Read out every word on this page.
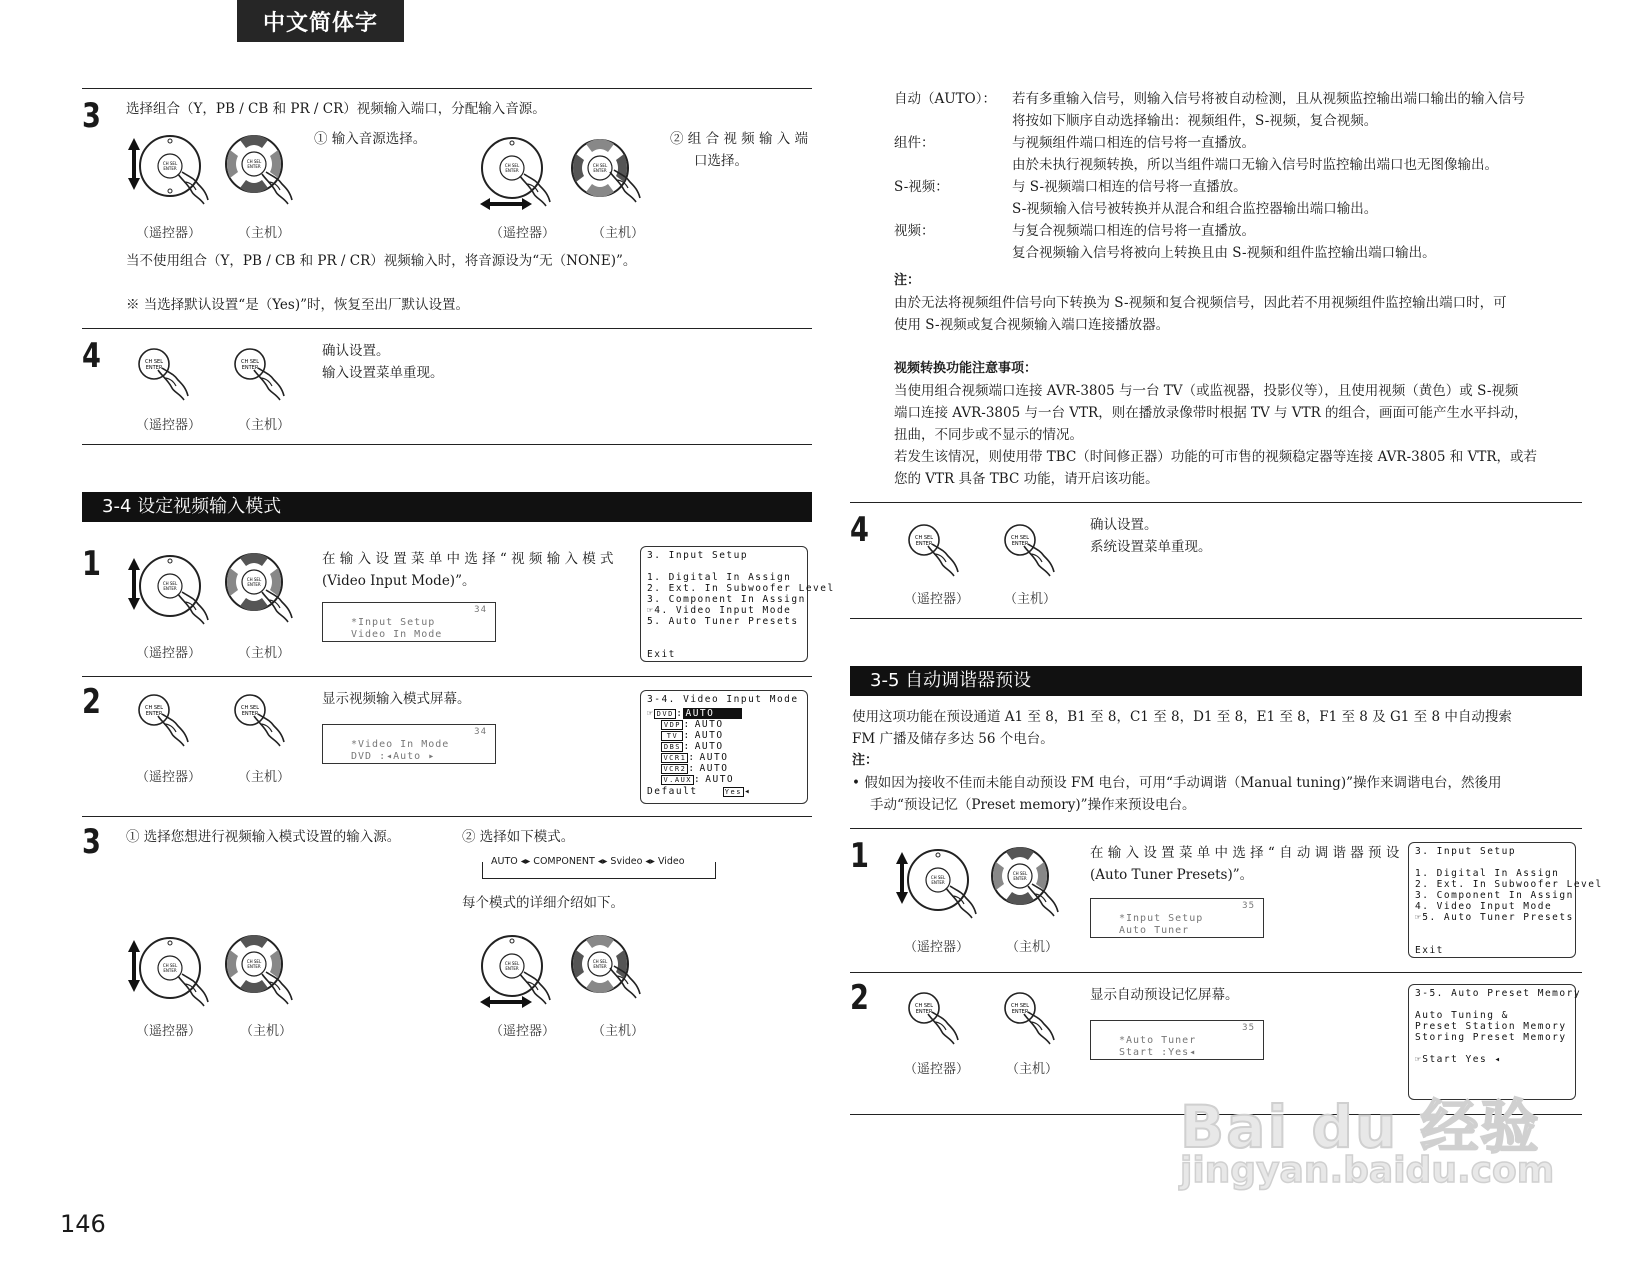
中文简体字
3 选择组合（Y，PB / CB 和 PR / CR）视频输入端口，分配输入音源。
CH SEL
ENTER
CH SEL
ENTER
（遥控器）	（主机）
① 输入音源选择。
CH SEL
ENTER
CH SEL
ENTER
（遥控器）	（主机）
② 组 合 视 频 输 入 端
口选择。
当不使用组合（Y，PB / CB 和 PR / CR）视频输入时，将音源设为“无（NONE)”。
※ 当选择默认设置“是（Yes)”时，恢复至出厂默认设置。
4	CH SEL
ENTER
CH SEL
ENTER
（遥控器）	（主机）
确认设置。
输入设置菜单重现。
3-4 设定视频输入模式
1	CH SEL
ENTER
CH SEL
ENTER
（遥控器）	（主机）
在 输 入 设 置 菜 单 中 选 择 “ 视 频 输 入 模 式
(Video Input Mode)”。
34
*Input Setup
Video In Mode
3. Input Setup

1. Digital In Assign
2. Ext. In Subwoofer Level
3. Component In Assign
☞4. Video Input Mode
5. Auto Tuner Presets

Exit
2	CH SEL
ENTER
CH SEL
ENTER
（遥控器）	（主机）
显示视频输入模式屏幕。
34
*Video In Mode
DVD :◂Auto ▸
3-4. Video Input Mode
☞ DVD : AUTO
VDP : AUTO
TV : AUTO
DBS : AUTO
VCR1 : AUTO
VCR2 : AUTO
V.AUX : AUTO
Default	Yes ◂
3 ① 选择您想进行视频输入模式设置的输入源。	② 选择如下模式。
AUTO ◂▸ COMPONENT ◂▸ Svideo ◂▸ Video
每个模式的详细介绍如下。
CH SEL
ENTER
CH SEL
ENTER
（遥控器）	（主机）
CH SEL
ENTER
CH SEL
ENTER
（遥控器）	（主机）
146
自动（AUTO）： 若有多重输入信号，则输入信号将被自动检测，且从视频监控输出端口输出的输入信号
将按如下顺序自动选择输出：视频组件，S-视频，复合视频。
组件：	与视频组件端口相连的信号将一直播放。
由於未执行视频转换，所以当组件端口无输入信号时监控输出端口也无图像输出。
S-视频：	与 S-视频端口相连的信号将一直播放。
S-视频输入信号被转换并从混合和组合监控器输出端口输出。
视频：	与复合视频端口相连的信号将一直播放。
复合视频输入信号将被向上转换且由 S-视频和组件监控输出端口输出。
注：
由於无法将视频组件信号向下转换为 S-视频和复合视频信号，因此若不用视频组件监控输出端口时，可
使用 S-视频或复合视频输入端口连接播放器。
视频转换功能注意事项：
当使用组合视频端口连接 AVR-3805 与一台 TV（或监视器，投影仪等），且使用视频（黄色）或 S-视频
端口连接 AVR-3805 与一台 VTR，则在播放录像带时根据 TV 与 VTR 的组合，画面可能产生水平抖动，
扭曲，不同步或不显示的情况。
若发生该情况，则使用带 TBC（时间修正器）功能的可市售的视频稳定器等连接 AVR-3805 和 VTR，或若
您的 VTR 具备 TBC 功能，请开启该功能。
4	CH SEL
ENTER
CH SEL
ENTER
（遥控器）	（主机）
确认设置。
系统设置菜单重现。
3-5 自动调谐器预设
使用这项功能在预设通道 A1 至 8，B1 至 8，C1 至 8，D1 至 8，E1 至 8，F1 至 8 及 G1 至 8 中自动搜索
FM 广播及储存多达 56 个电台。
注：
• 假如因为接收不佳而未能自动预设 FM 电台，可用“手动调谐（Manual tuning)”操作来调谐电台，然後用
手动“预设记忆（Preset memory)”操作来预设电台。
1
CH SEL
ENTER
CH SEL
ENTER
（遥控器）	（主机）
在 输 入 设 置 菜 单 中 选 择 “ 自 动 调 谐 器 预 设
(Auto Tuner Presets)”。
35
*Input Setup
Auto Tuner
3. Input Setup

1. Digital In Assign
2. Ext. In Subwoofer Level
3. Component In Assign
4. Video Input Mode
☞5. Auto Tuner Presets

Exit
2	CH SEL
ENTER
CH SEL
ENTER
（遥控器）	（主机）
显示自动预设记忆屏幕。
35
*Auto Tuner
Start :Yes◂
3-5. Auto Preset Memory

Auto Tuning &
Preset Station Memory
Storing Preset Memory

☞Start Yes ◂
Bai du 经验
jingyan.baidu.com
